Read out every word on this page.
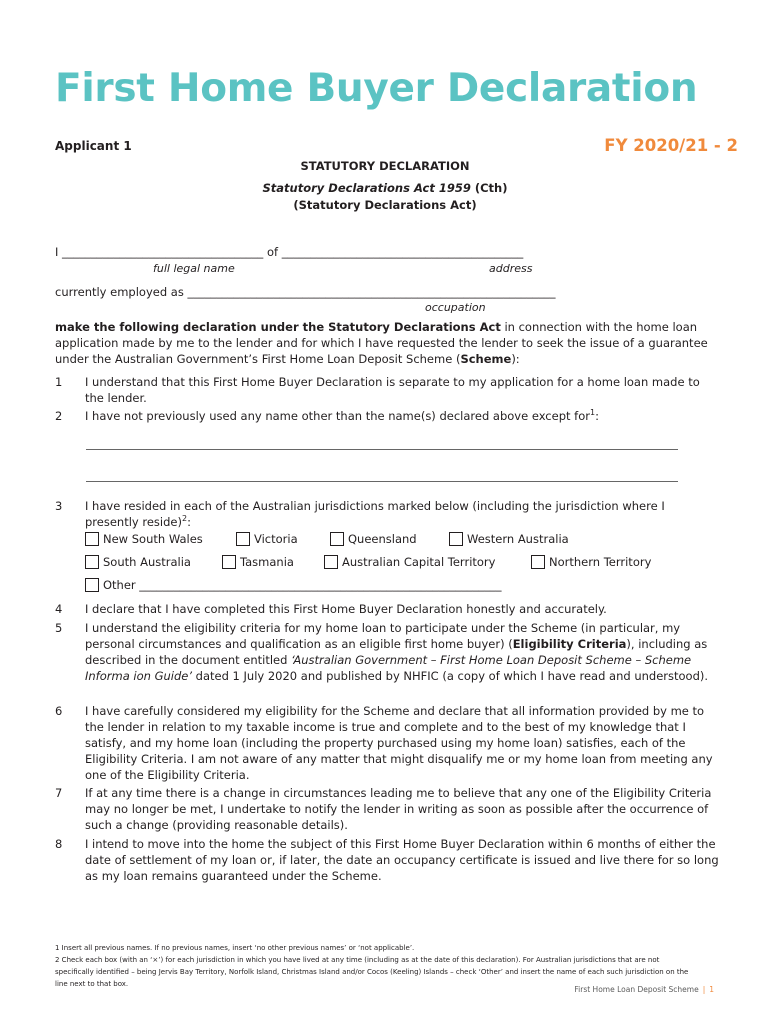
First Home Buyer Declaration
Applicant 1	FY 2020/21 - 2
STATUTORY DECLARATION
Statutory Declarations Act 1959 (Cth)
(Statutory Declarations Act)
I ___________________________________ of __________________________________________
full legal name	address
currently employed as ________________________________________________________________
occupation
make the following declaration under the Statutory Declarations Act in connection with the home loan application made by me to the lender and for which I have requested the lender to seek the issue of a guarantee under the Australian Government’s First Home Loan Deposit Scheme (Scheme):
1 I understand that this First Home Buyer Declaration is separate to my application for a home loan made to the lender.
2 I have not previously used any name other than the name(s) declared above except for$^1$:
3 I have resided in each of the Australian jurisdictions marked below (including the jurisdiction where I presently reside)$^2$:
New South Wales	Victoria	Queensland	Western Australia
South Australia	Tasmania	Australian Capital Territory	Northern Territory
Other _______________________________________________________________
4 I declare that I have completed this First Home Buyer Declaration honestly and accurately.
5 I understand the eligibility criteria for my home loan to participate under the Scheme (in particular, my personal circumstances and qualification as an eligible first home buyer) (Eligibility Criteria), including as described in the document entitled ‘Australian Government – First Home Loan Deposit Scheme – Scheme Informa ion Guide’ dated 1 July 2020 and published by NHFIC (a copy of which I have read and understood).
6 I have carefully considered my eligibility for the Scheme and declare that all information provided by me to the lender in relation to my taxable income is true and complete and to the best of my knowledge that I satisfy, and my home loan (including the property purchased using my home loan) satisfies, each of the Eligibility Criteria. I am not aware of any matter that might disqualify me or my home loan from meeting any one of the Eligibility Criteria.
7 If at any time there is a change in circumstances leading me to believe that any one of the Eligibility Criteria may no longer be met, I undertake to notify the lender in writing as soon as possible after the occurrence of such a change (providing reasonable details).
8 I intend to move into the home the subject of this First Home Buyer Declaration within 6 months of either the date of settlement of my loan or, if later, the date an occupancy certificate is issued and live there for so long as my loan remains guaranteed under the Scheme.
1 Insert all previous names. If no previous names, insert ‘no other previous names’ or ‘not applicable’.
2 Check each box (with an ‘×’) for each jurisdiction in which you have lived at any time (including as at the date of this declaration). For Australian jurisdictions that are not specifically identified – being Jervis Bay Territory, Norfolk Island, Christmas Island and/or Cocos (Keeling) Islands – check ‘Other’ and insert the name of each such jurisdiction on the line next to that box.
First Home Loan Deposit Scheme | 1
